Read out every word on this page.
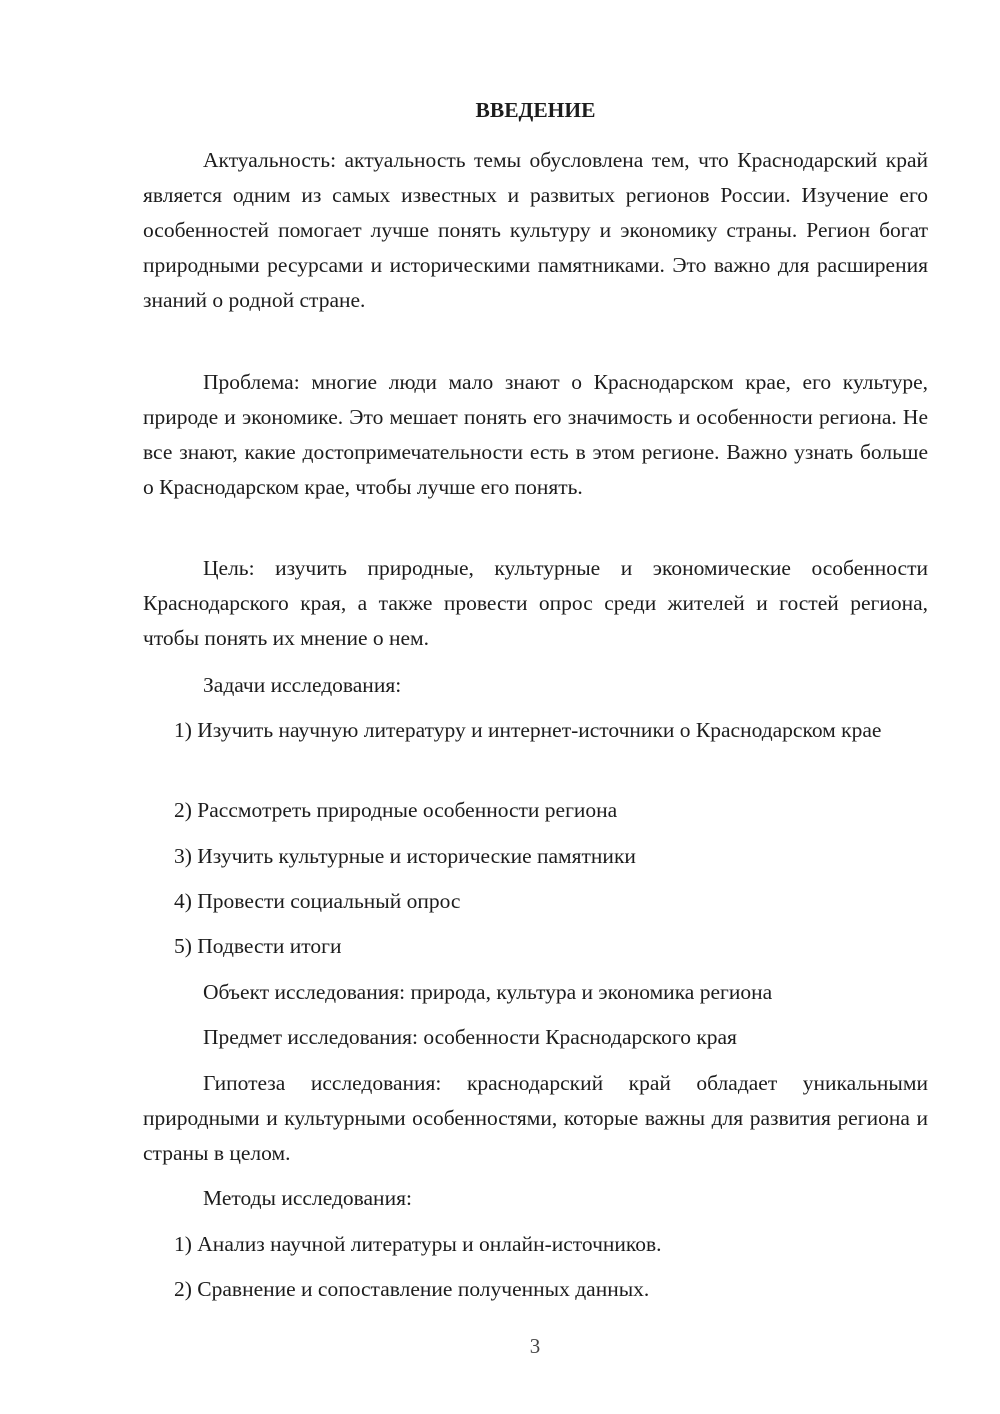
ВВЕДЕНИЕ

Актуальность: актуальность темы обусловлена тем, что Краснодарский край является одним из самых известных и развитых регионов России. Изучение его особенностей помогает лучше понять культуру и экономику страны. Регион богат природными ресурсами и историческими памятниками. Это важно для расширения знаний о родной стране.

Проблема: многие люди мало знают о Краснодарском крае, его культуре, природе и экономике. Это мешает понять его значимость и особенности региона. Не все знают, какие достопримечательности есть в этом регионе. Важно узнать больше о Краснодарском крае, чтобы лучше его понять.

Цель: изучить природные, культурные и экономические особенности Краснодарского края, а также провести опрос среди жителей и гостей региона, чтобы понять их мнение о нем.

Задачи исследования:

1) Изучить научную литературу и интернет-источники о Краснодарском крае

2) Рассмотреть природные особенности региона

3) Изучить культурные и исторические памятники

4) Провести социальный опрос

5) Подвести итоги

Объект исследования: природа, культура и экономика региона

Предмет исследования: особенности Краснодарского края

Гипотеза исследования: краснодарский край обладает уникальными природными и культурными особенностями, которые важны для развития региона и страны в целом.

Методы исследования:

1) Анализ научной литературы и онлайн-источников.

2) Сравнение и сопоставление полученных данных.

3
